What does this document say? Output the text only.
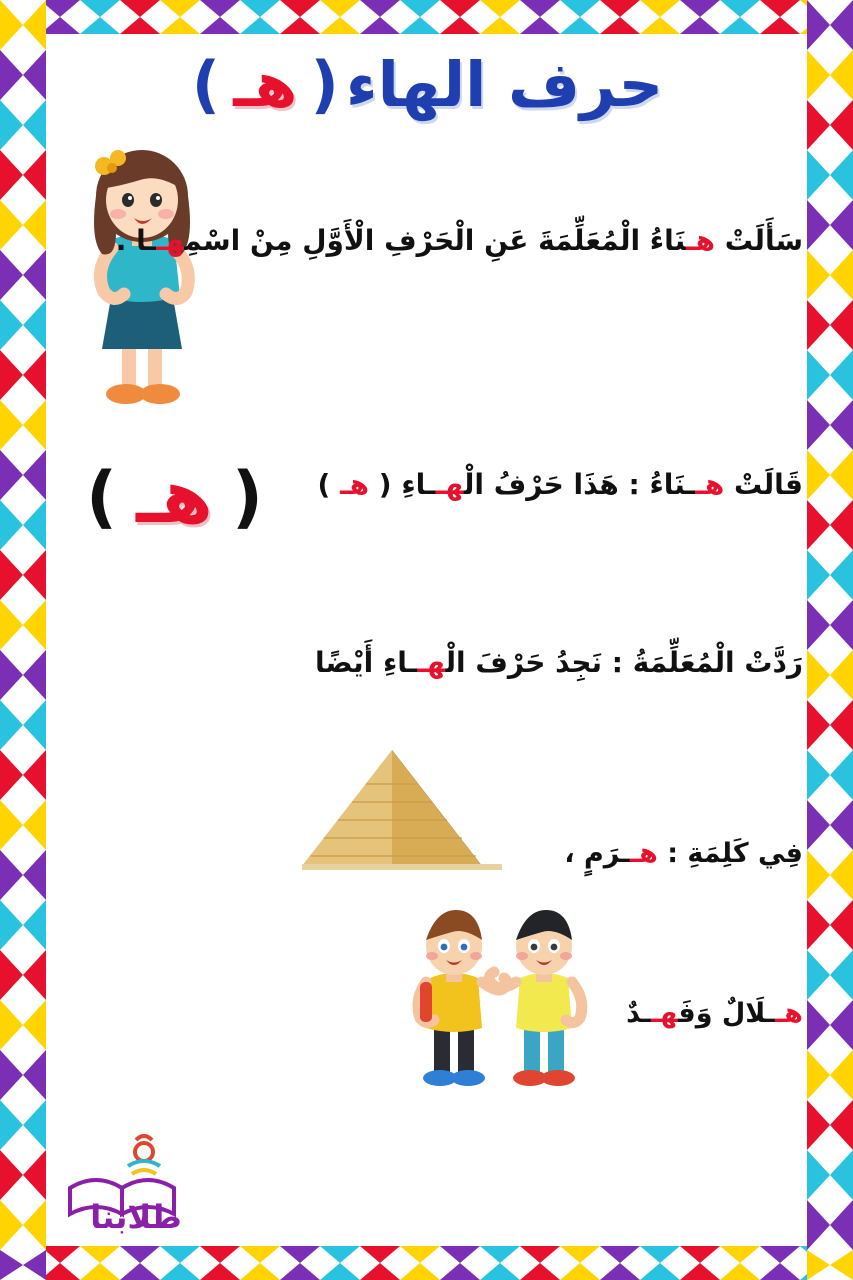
حرف الهاء ( هـ )
سَأَلَتْ هـنَاءُ الْمُعَلِّمَةَ عَنِ الْحَرْفِ الْأَوَّلِ مِنْ اسْمِهــا .
( هـ )	قَالَتْ هــنَاءُ : هَذَا حَرْفُ الْهــاءِ ( هـ )
رَدَّتْ الْمُعَلِّمَةُ : نَجِدُ حَرْفَ الْهــاءِ أَيْضًا
فِي كَلِمَةِ : هــرَمٍ ،
هــلَالٌ وَفَهــدٌ
طلابنا
